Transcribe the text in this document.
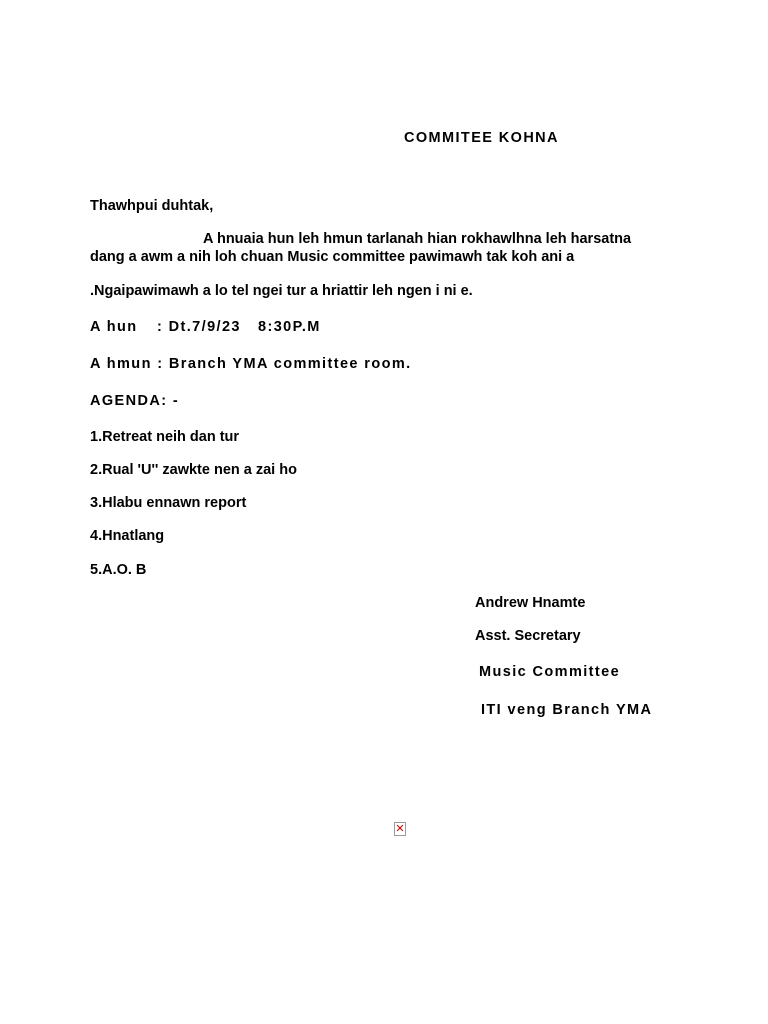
COMMITEE KOHNA
Thawhpui duhtak,
A hnuaia hun leh hmun tarlanah hian rokhawlhna leh harsatna
dang a awm a nih loh chuan Music committee pawimawh tak koh ani a
.Ngaipawimawh a lo tel ngei tur a hriattir leh ngen i ni e.
A hun : Dt.7/9/23 8:30P.M
A hmun : Branch YMA committee room.
AGENDA: -
1.Retreat neih dan tur
2.Rual 'U'' zawkte nen a zai ho
3.Hlabu ennawn report
4.Hnatlang
5.A.O. B
Andrew Hnamte
Asst. Secretary
Music Committee
ITI veng Branch YMA
✕
